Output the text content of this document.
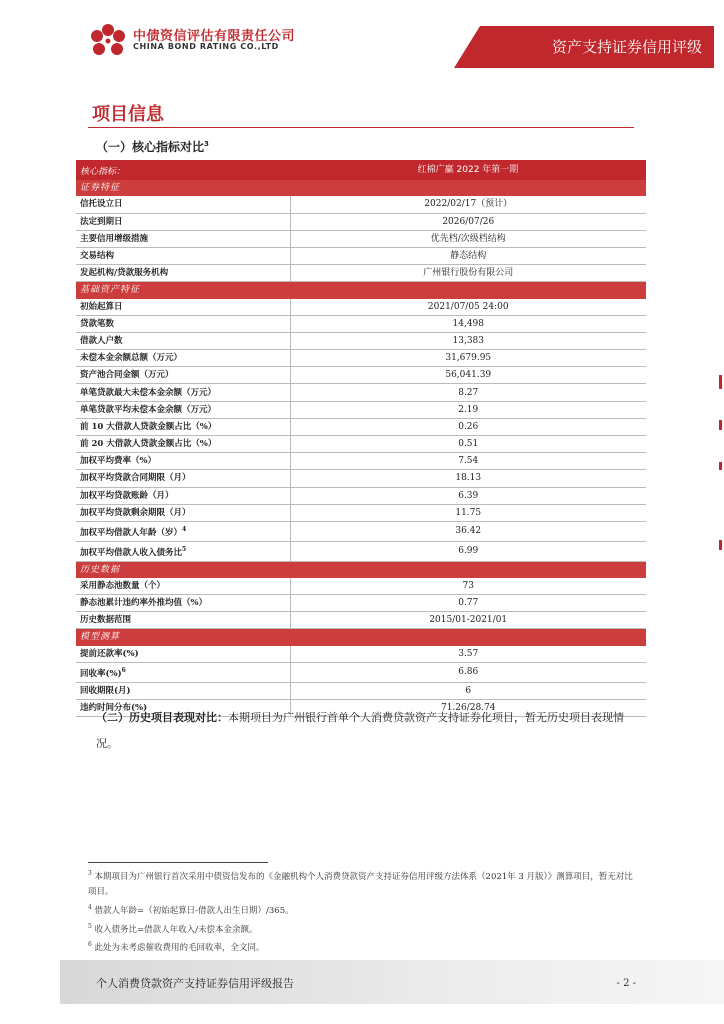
中债资信评估有限责任公司
CHINA BOND RATING CO.,LTD	资产支持证券信用评级
项目信息
（一）核心指标对比$^3$
核心指标：	红棉广赢 2022 年第一期
证券特征	
信托设立日	2022/02/17（预计）
法定到期日	2026/07/26
主要信用增级措施	优先档/次级档结构
交易结构	静态结构
发起机构/贷款服务机构	广州银行股份有限公司
基础资产特征	
初始起算日	2021/07/05 24:00
贷款笔数	14,498
借款人户数	13,383
未偿本金余额总额（万元）	31,679.95
资产池合同金额（万元）	56,041.39
单笔贷款最大未偿本金余额（万元）	8.27
单笔贷款平均未偿本金余额（万元）	2.19
前 10 大借款人贷款金额占比（%）	0.26
前 20 大借款人贷款金额占比（%）	0.51
加权平均费率（%）	7.54
加权平均贷款合同期限（月）	18.13
加权平均贷款账龄（月）	6.39
加权平均贷款剩余期限（月）	11.75
加权平均借款人年龄（岁）$^4$	36.42
加权平均借款人收入债务比$^5$	6.99
历史数据	
采用静态池数量（个）	73
静态池累计违约率外推均值（%）	0.77
历史数据范围	2015/01-2021/01
模型测算	
提前还款率(%)	3.57
回收率(%)$^6$	6.86
回收期限(月)	6
违约时间分布(%)	71.26/28.74
（二）历史项目表现对比：本期项目为广州银行首单个人消费贷款资产支持证券化项目，暂无历史项目表现情况。

$^3$ 本期项目为广州银行首次采用中债资信发布的《金融机构个人消费贷款资产支持证券信用评级方法体系（2021年 3 月版）》测算项目，暂无对比项目。

$^4$ 借款人年龄=（初始起算日-借款人出生日期）/365。

$^5$ 收入债务比=借款人年收入/未偿本金余额。

$^6$ 此处为未考虑催收费用的毛回收率，全文同。

个人消费贷款资产支持证券信用评级报告	- 2 -
